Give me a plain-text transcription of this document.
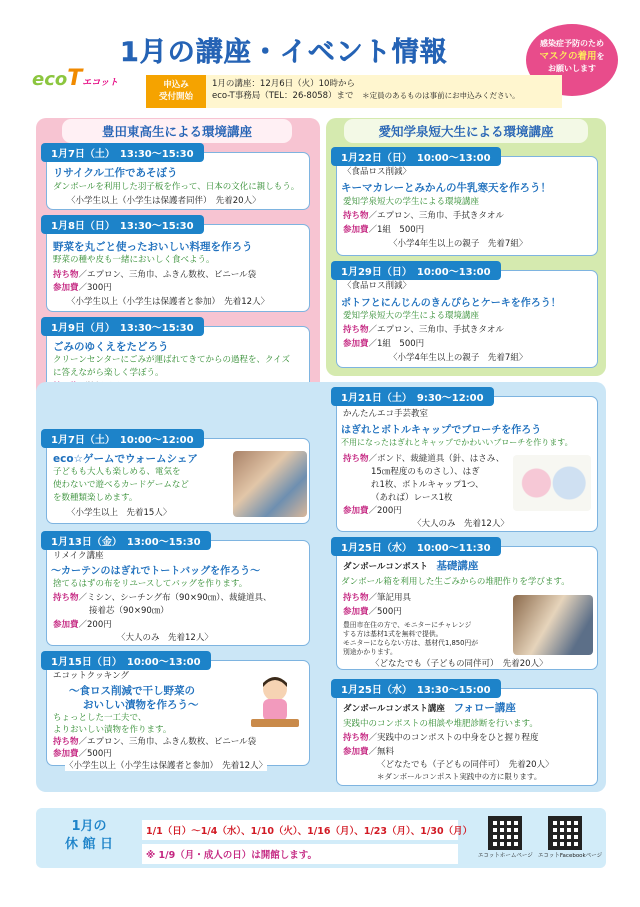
1月の講座・イベント情報
ecoTエコット
感染症予防のため
マスクの着用を
お願いします
申込み
受付開始
1月の講座：12月6日（火）10時から
eco-T事務局（TEL：26-8058）まで　 ＊定員のあるものは事前にお申込みください。
豊田東高生による環境講座
1月7日（土）　13:30～15:30
リサイクル工作であそぼう
ダンボールを利用した羽子板を作って、日本の文化に親しもう。
〈小学生以上（小学生は保護者同伴）　先着20人〉
1月8日（日）　13:30～15:30
野菜を丸ごと使ったおいしい料理を作ろう
野菜の種や皮も一緒においしく食べよう。
持ち物／エプロン、三角巾、ふきん数枚、ビニール袋
参加費／300円
〈小学生以上（小学生は保護者と参加）　先着12人〉
1月9日（月）　13:30～15:30
ごみのゆくえをたどろう
クリーンセンターにごみが運ばれてきてからの過程を、クイズ
に答えながら楽しく学ぼう。
愛知学泉短大生による環境講座
1月22日（日）　10:00～13:00
〈食品ロス削減〉
キーマカレーとみかんの牛乳寒天を作ろう！
愛知学泉短大の学生による環境講座
持ち物／エプロン、三角巾、手拭きタオル
参加費／1組　500円
〈小学4年生以上の親子　先着7組〉
1月29日（日）　10:00～13:00
〈食品ロス削減〉
ポトフとにんじんのきんぴらとケーキを作ろう！
愛知学泉短大の学生による環境講座
持ち物／エプロン、三角巾、手拭きタオル
参加費／1組　500円
〈小学4年生以上の親子　先着7組〉
1月7日（土）　10:00～12:00
eco☆ゲームでウォームシェア
子どもも大人も楽しめる、電気を
使わないで遊べるカードゲームなど
を数種類楽しめます。
〈小学生以上　先着15人〉
1月13日（金）　13:00～15:30
リメイク講座
～カーテンのはぎれでトートバッグを作ろう～
捨てるはずの布をリユースしてバッグを作ります。
持ち物／ミシン、シーチング布（90×90㎝）、裁縫道具、
接着芯（90×90㎝）
参加費／200円
〈大人のみ　先着12人〉
1月15日（日）　10:00～13:00
エコットクッキング
～食ロス削減で干し野菜の
おいしい漬物を作ろう～
ちょっとした一工夫で、
よりおいしい漬物を作ります。
持ち物／エプロン、三角巾、ふきん数枚、ビニール袋
参加費／500円
〈小学生以上（小学生は保護者と参加）　先着12人〉
1月21日（土）　9:30～12:00
かんたんエコ手芸教室
はぎれとボトルキャップでブローチを作ろう
不用になったはぎれとキャップでかわいいブローチを作ります。
持ち物／ボンド、裁縫道具（針、はさみ、
15㎝程度のものさし）、はぎ
れ1枚、ボトルキャップ1つ、
（あれば）レース1枚
参加費／200円
〈大人のみ　先着12人〉
1月25日（水）　10:00～11:30
ダンボールコンポスト　 基礎講座
ダンボール箱を利用した生ごみからの堆肥作りを学びます。
持ち物／筆記用具
参加費／500円
豊田市在住の方で、モニターにチャレンジ
する方は基材1式を無料で提供。
モニターにならない方は、基材代1,850円が
別途かかります。
〈どなたでも（子どもの同伴可）　先着20人〉
1月25日（水）　13:30～15:00
ダンボールコンポスト講座　 フォロー講座
実践中のコンポストの相談や堆肥診断を行います。
持ち物／実践中のコンポストの中身をひと握り程度
参加費／無料
〈どなたでも（子どもの同伴可）　先着20人〉
＊ダンボールコンポスト実践中の方に限ります。
1月の
休 館 日
1/1（日）～1/4（水）、1/10（火）、1/16（月）、1/23（月）、1/30（月）
※ 1/9（月・成人の日）は開館します。	エコットホームページ エコットFacebookページ
